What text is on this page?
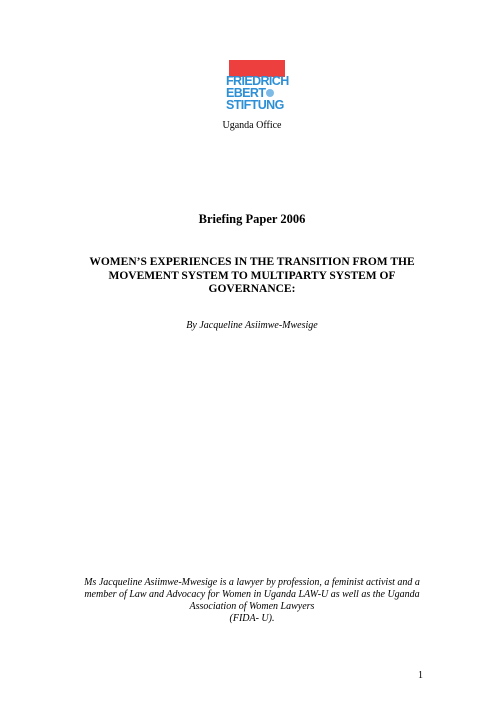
FRIEDRICH
EBERT
STIFTUNG
Uganda Office
Briefing Paper 2006
WOMEN’S EXPERIENCES IN THE TRANSITION FROM THE
MOVEMENT SYSTEM TO MULTIPARTY SYSTEM OF
GOVERNANCE:
By Jacqueline Asiimwe-Mwesige
Ms Jacqueline Asiimwe-Mwesige is a lawyer by profession, a feminist activist and a
member of Law and Advocacy for Women in Uganda LAW-U as well as the Uganda
Association of Women Lawyers
(FIDA- U).
1
